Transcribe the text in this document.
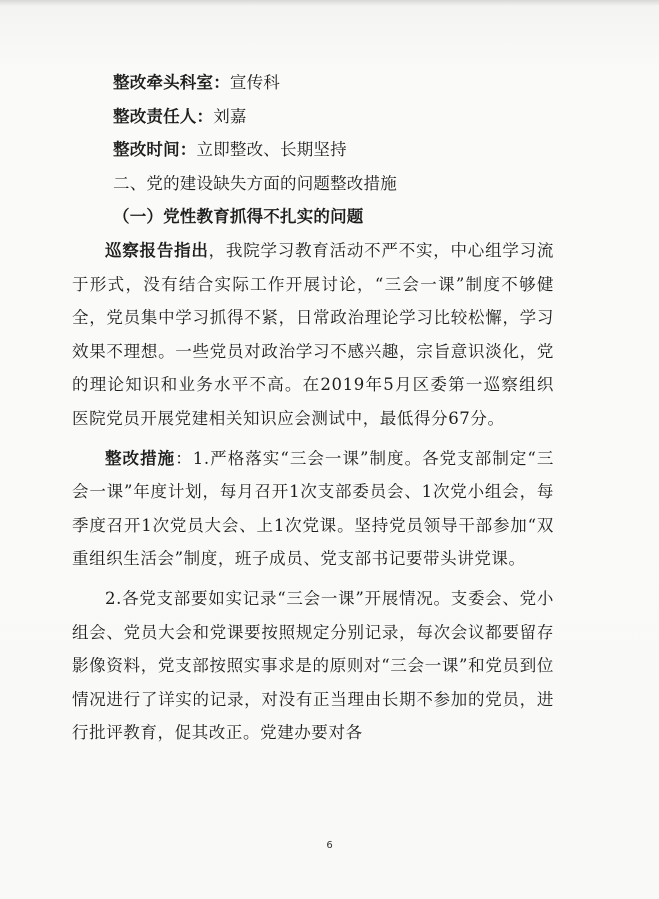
整改牵头科室：宣传科
整改责任人：刘嘉
整改时间：立即整改、长期坚持
二、党的建设缺失方面的问题整改措施
（一）党性教育抓得不扎实的问题

巡察报告指出，我院学习教育活动不严不实，中心组学习流于形式，没有结合实际工作开展讨论，“三会一课”制度不够健全，党员集中学习抓得不紧，日常政治理论学习比较松懈，学习效果不理想。一些党员对政治学习不感兴趣，宗旨意识淡化，党的理论知识和业务水平不高。在2019年5月区委第一巡察组织医院党员开展党建相关知识应会测试中，最低得分67分。

整改措施：1.严格落实“三会一课”制度。各党支部制定“三会一课”年度计划，每月召开1次支部委员会、1次党小组会，每季度召开1次党员大会、上1次党课。坚持党员领导干部参加“双重组织生活会”制度，班子成员、党支部书记要带头讲党课。

2.各党支部要如实记录“三会一课”开展情况。支委会、党小组会、党员大会和党课要按照规定分别记录，每次会议都要留存影像资料，党支部按照实事求是的原则对“三会一课”和党员到位情况进行了详实的记录，对没有正当理由长期不参加的党员，进行批评教育，促其改正。党建办要对各

6
